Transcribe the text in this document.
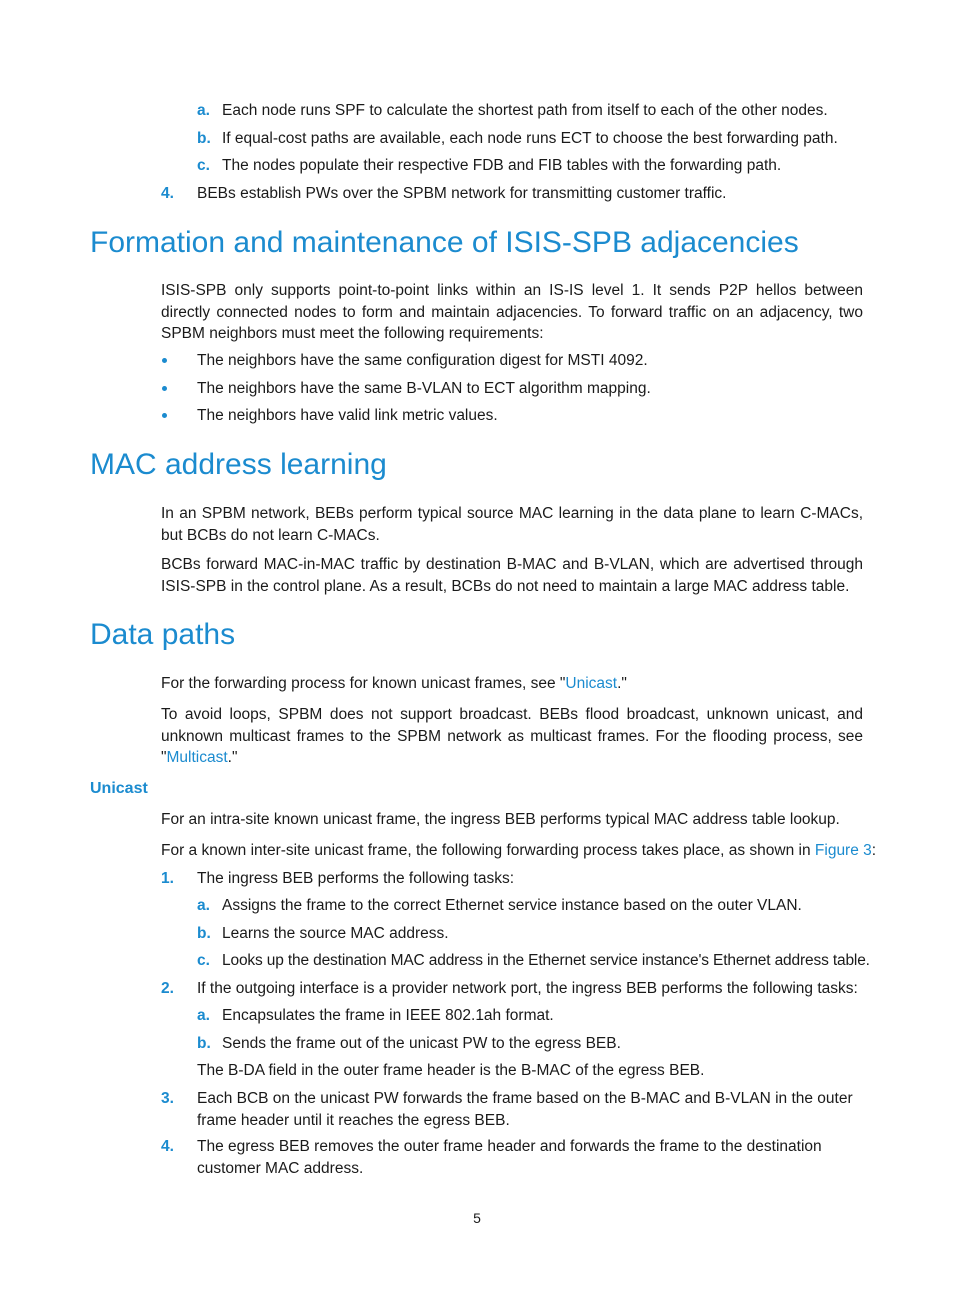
a. Each node runs SPF to calculate the shortest path from itself to each of the other nodes.
b. If equal-cost paths are available, each node runs ECT to choose the best forwarding path.
c. The nodes populate their respective FDB and FIB tables with the forwarding path.
4. BEBs establish PWs over the SPBM network for transmitting customer traffic.
Formation and maintenance of ISIS-SPB adjacencies
ISIS-SPB only supports point-to-point links within an IS-IS level 1. It sends P2P hellos between directly connected nodes to form and maintain adjacencies. To forward traffic on an adjacency, two SPBM neighbors must meet the following requirements:
The neighbors have the same configuration digest for MSTI 4092.
The neighbors have the same B-VLAN to ECT algorithm mapping.
The neighbors have valid link metric values.
MAC address learning
In an SPBM network, BEBs perform typical source MAC learning in the data plane to learn C-MACs, but BCBs do not learn C-MACs.
BCBs forward MAC-in-MAC traffic by destination B-MAC and B-VLAN, which are advertised through ISIS-SPB in the control plane. As a result, BCBs do not need to maintain a large MAC address table.
Data paths
For the forwarding process for known unicast frames, see "Unicast."
To avoid loops, SPBM does not support broadcast. BEBs flood broadcast, unknown unicast, and unknown multicast frames to the SPBM network as multicast frames. For the flooding process, see "Multicast."
Unicast
For an intra-site known unicast frame, the ingress BEB performs typical MAC address table lookup.
For a known inter-site unicast frame, the following forwarding process takes place, as shown in Figure 3:
1. The ingress BEB performs the following tasks:
a. Assigns the frame to the correct Ethernet service instance based on the outer VLAN.
b. Learns the source MAC address.
c. Looks up the destination MAC address in the Ethernet service instance's Ethernet address table.
2. If the outgoing interface is a provider network port, the ingress BEB performs the following tasks:
a. Encapsulates the frame in IEEE 802.1ah format.
b. Sends the frame out of the unicast PW to the egress BEB.
The B-DA field in the outer frame header is the B-MAC of the egress BEB.
3. Each BCB on the unicast PW forwards the frame based on the B-MAC and B-VLAN in the outer frame header until it reaches the egress BEB.
4. The egress BEB removes the outer frame header and forwards the frame to the destination customer MAC address.
5
